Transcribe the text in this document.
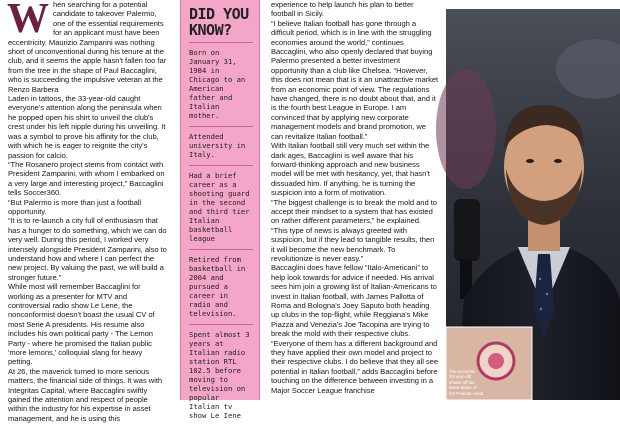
W hen searching for a potential candidate to takeover Palermo, one of the essential requirements for an applicant must have been eccentricity. Maurizio Zamparini was nothing short of unconventional during his tenure at the club, and it seems the apple hasn't fallen too far from the tree in the shape of Paul Baccaglini, who is succeeding the impulsive veteran at the Renzo Barbera

Laden in tattoos, the 33-year-old caught everyone's attention along the peninsula when he popped open his shirt to unveil the club's crest under his left nipple during his unveiling. It was a symbol to prove his affinity for the club, with which he is eager to reignite the city's passion for calcio.

“The Rosanero project stems from contact with President Zamparini, with whom I embarked on a very large and interesting project,” Baccaglini tells Soccer360.

“But Palermo is more than just a football opportunity.

“It is to re-launch a city full of enthusiasm that has a hunger to do something, which we can do very well. During this period, I worked very intensely alongside President Zamparini, also to understand how and where I can perfect the new project. By valuing the past, we will build a stronger future.”

While most will remember Baccaglini for working as a presenter for MTV and controversial radio show Le Lene, the nonconformist doesn't boast the usual CV of most Serie A presidents. His resume also includes his own political party - The Lemon Party - where he promised the Italian public 'more lemons,' colloquial slang for heavy petting.

At 26, the maverick turned to more serious matters, the financial side of things. It was with Integritas Capital, where Baccaglini swiftly gained the attention and respect of people within the industry for his expertise in asset management, and he is using this

DID YOU
KNOW?
Born on January 31, 1984 in Chicago to an American father and Italian mother.
Attended university in Italy.
Had a brief career as a shooting guard in the second and third tier Italian basketball league
Retired from basketball in 2004 and pursued a career in radio and television.
Spent almost 3 years at Italian radio station RTL 102.5 before moving to television on popular Italian tv show Le Iene

experience to help launch his plan to better football in Sicily.

“I believe Italian football has gone through a difficult period, which is in line with the struggling economies around the world,” continues Baccaglini, who also openly declared that buying Palermo presented a better investment opportunity than a club like Chelsea. “However, this does not mean that is it an unattractive market from an economic point of view. The regulations have changed, there is no doubt about that, and it is the fourth best League in Europe. I am convinced that by applying new corporate management models and brand promotion, we can revitalize Italian football.”

With Italian football still very much set within the dark ages, Baccaglini is well aware that his forward-thinking approach and new business model will be met with hesitancy, yet, that hasn't dissuaded him. If anything, he is turning the suspicion into a form of motivation.

“The biggest challenge is to break the mold and to accept their mindset to a system that has existed on rather different parameters,” he explained. “This type of news is always greeted with suspicion, but if they lead to tangible results, then it will become the new benchmark. To revolutionize is never easy.”

Baccaglini does have fellow “Italo-Americani” to help look towards for advice if needed. His arrival sees him join a growing list of Italian-Americans to invest in Italian football, with James Pallotta of Roma and Bologna's Joey Saputo both heading up clubs in the top-flight, while Reggiana's Mike Piazza and Venezia's Joe Tacopina are trying to break the mold with their respective clubs.

“Everyone of them has a different background and they have applied their own model and project to their respective clubs. I do believe that they all see potential in Italian football,” adds Baccaglini before touching on the difference between investing in a Major Soccer League franchise

The eccentric
33-year-old
shows off his
latest tattoo of
the Palermo crest
